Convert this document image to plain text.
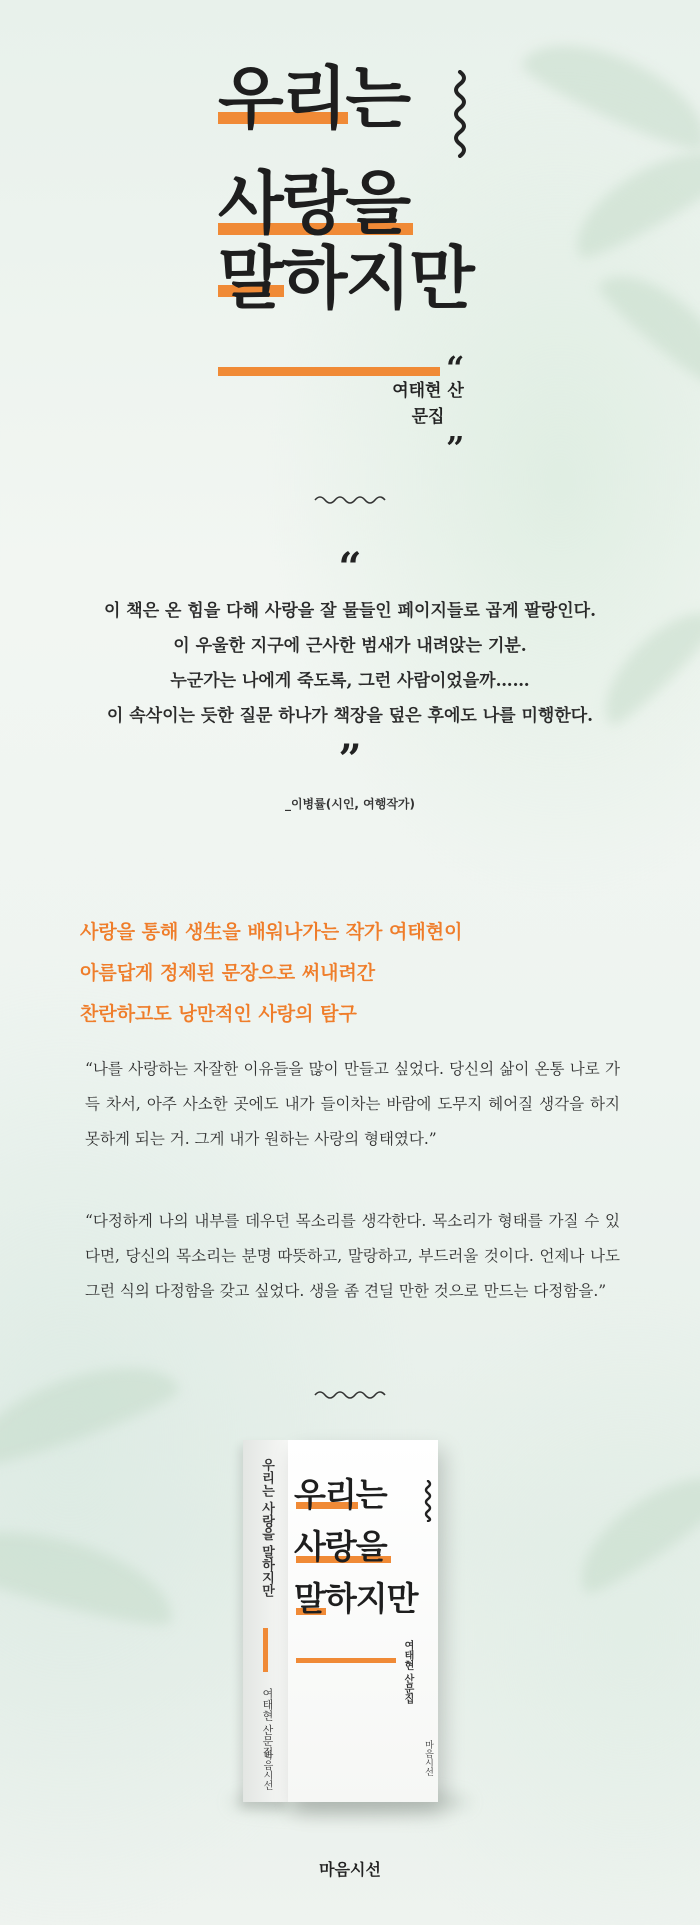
우리는
사랑을
말하지만
“
여태현 산문집
”
“
이 책은 온 힘을 다해 사랑을 잘 물들인 페이지들로 곱게 팔랑인다.
이 우울한 지구에 근사한 범새가 내려앉는 기분.
누군가는 나에게 죽도록, 그런 사람이었을까……
이 속삭이는 듯한 질문 하나가 책장을 덮은 후에도 나를 미행한다.
”
_이병률(시인, 여행작가)
사랑을 통해 생生을 배워나가는 작가 여태현이
아름답게 정제된 문장으로 써내려간
찬란하고도 낭만적인 사랑의 탐구
“나를 사랑하는 자잘한 이유들을 많이 만들고 싶었다. 당신의 삶이 온통 나로 가득 차서, 아주 사소한 곳에도 내가 들이차는 바람에 도무지 헤어질 생각을 하지 못하게 되는 거. 그게 내가 원하는 사랑의 형태였다.”
“다정하게 나의 내부를 데우던 목소리를 생각한다. 목소리가 형태를 가질 수 있다면, 당신의 목소리는 분명 따뜻하고, 말랑하고, 부드러울 것이다. 언제나 나도 그런 식의 다정함을 갖고 싶었다. 생을 좀 견딜 만한 것으로 만드는 다정함을.”
우리는 사랑을 말하지만
여태현 산문집
마음시선
우리는
사랑을
말하지만
여태현 산문집
마음시선
마음시선
